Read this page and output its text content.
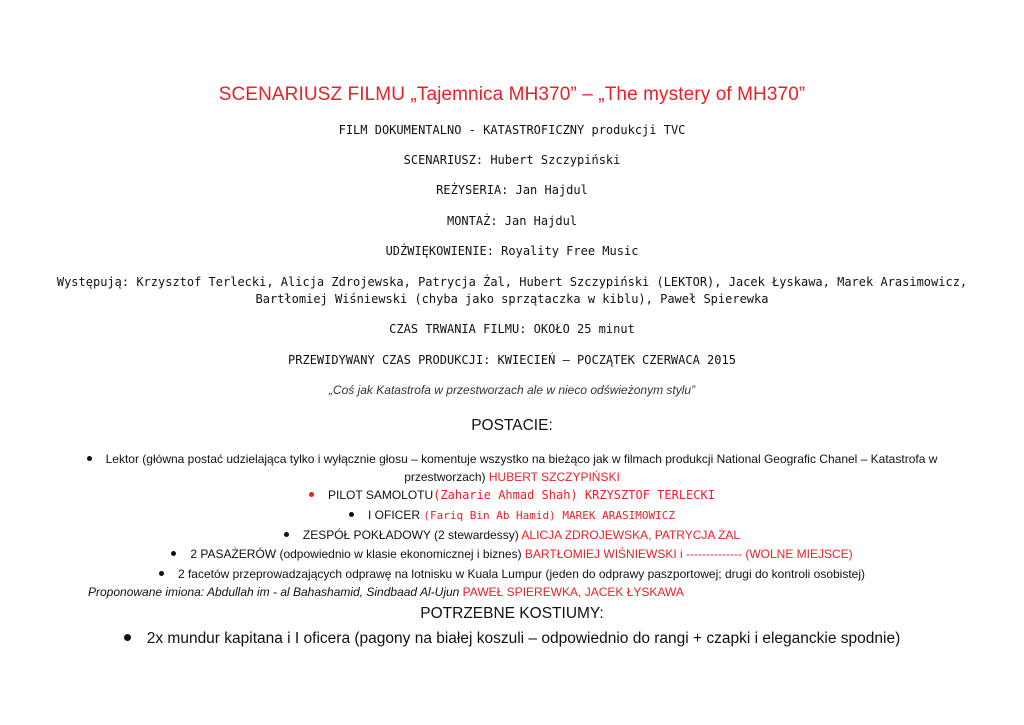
SCENARIUSZ FILMU „Tajemnica MH370” – „The mystery of MH370”
FILM DOKUMENTALNO - KATASTROFICZNY produkcji TVC
SCENARIUSZ: Hubert Szczypiński
REŻYSERIA: Jan Hajdul
MONTAŻ: Jan Hajdul
UDŹWIĘKOWIENIE: Royality Free Music
Występują: Krzysztof Terlecki, Alicja Zdrojewska, Patrycja Żal, Hubert Szczypiński (LEKTOR), Jacek Łyskawa, Marek Arasimowicz,
Bartłomiej Wiśniewski (chyba jako sprzątaczka w kiblu), Paweł Spierewka
CZAS TRWANIA FILMU: OKOŁO 25 minut
PRZEWIDYWANY CZAS PRODUKCJI: KWIECIEŃ – POCZĄTEK CZERWACA 2015
„Coś jak Katastrofa w przestworzach ale w nieco odświeżonym stylu”
POSTACIE:
Lektor (główna postać udzielająca tylko i wyłącznie głosu – komentuje wszystko na bieżąco jak w filmach produkcji National Geografic Chanel – Katastrofa w
przestworzach) HUBERT SZCZYPIŃSKI
PILOT SAMOLOTU(Zaharie Ahmad Shah) KRZYSZTOF TERLECKI
I OFICER (Fariq Bin Ab Hamid) MAREK ARASIMOWICZ
ZESPÓŁ POKŁADOWY (2 stewardessy) ALICJA ZDROJEWSKA, PATRYCJA ŻAL
2 PASAŻERÓW (odpowiednio w klasie ekonomicznej i biznes) BARTŁOMIEJ WIŚNIEWSKI i -------------- (WOLNE MIEJSCE)
2 facetów przeprowadzających odprawę na lotnisku w Kuala Lumpur (jeden do odprawy paszportowej; drugi do kontroli osobistej)
Proponowane imiona: Abdullah im - al Bahashamid, Sindbaad Al-Ujun PAWEŁ SPIEREWKA, JACEK ŁYSKAWA
POTRZEBNE KOSTIUMY:
2x mundur kapitana i I oficera (pagony na białej koszuli – odpowiednio do rangi + czapki i eleganckie spodnie)
